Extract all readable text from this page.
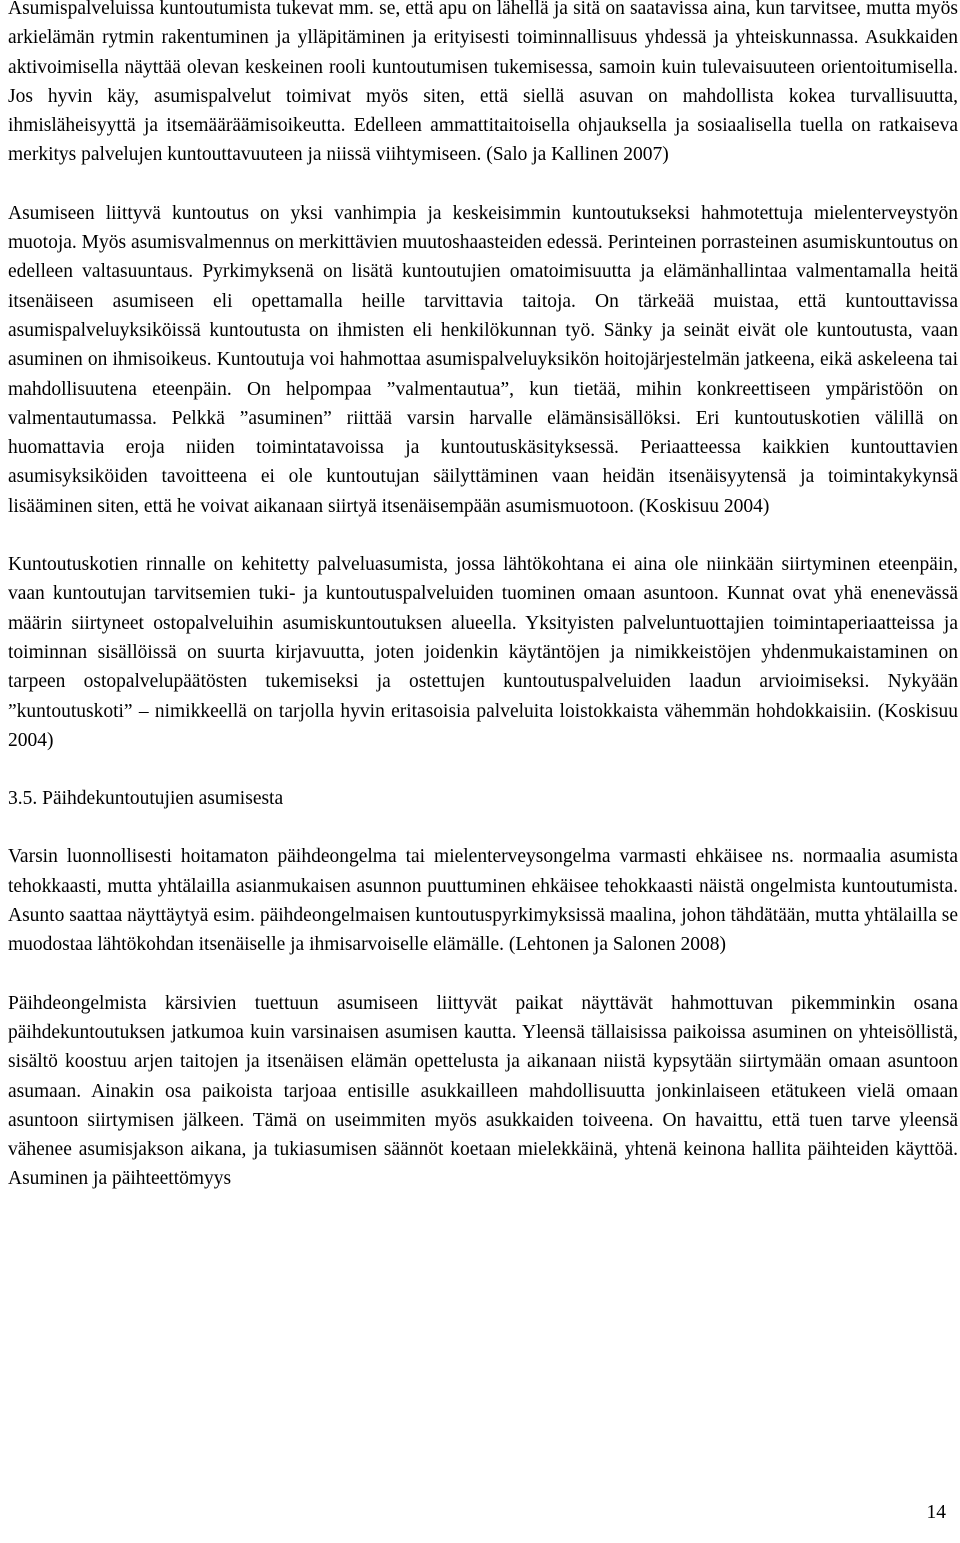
Asumispalveluissa kuntoutumista tukevat mm. se, että apu on lähellä ja sitä on saatavissa aina, kun tarvitsee, mutta myös arkielämän rytmin rakentuminen ja ylläpitäminen ja erityisesti toiminnallisuus yhdessä ja yhteiskunnassa. Asukkaiden aktivoimisella näyttää olevan keskeinen rooli kuntoutumisen tukemisessa, samoin kuin tulevaisuuteen orientoitumisella. Jos hyvin käy, asumispalvelut toimivat myös siten, että siellä asuvan on mahdollista kokea turvallisuutta, ihmisläheisyyttä ja itsemääräämisoikeutta. Edelleen ammattitaitoisella ohjauksella ja sosiaalisella tuella on ratkaiseva merkitys palvelujen kuntouttavuuteen ja niissä viihtymiseen. (Salo ja Kallinen 2007)

Asumiseen liittyvä kuntoutus on yksi vanhimpia ja keskeisimmin kuntoutukseksi hahmotettuja mielenterveystyön muotoja. Myös asumisvalmennus on merkittävien muutoshaasteiden edessä. Perinteinen porrasteinen asumiskuntoutus on edelleen valtasuuntaus. Pyrkimyksenä on lisätä kuntoutujien omatoimisuutta ja elämänhallintaa valmentamalla heitä itsenäiseen asumiseen eli opettamalla heille tarvittavia taitoja. On tärkeää muistaa, että kuntouttavissa asumispalveluyksiköissä kuntoutusta on ihmisten eli henkilökunnan työ. Sänky ja seinät eivät ole kuntoutusta, vaan asuminen on ihmisoikeus. Kuntoutuja voi hahmottaa asumispalveluyksikön hoitojärjestelmän jatkeena, eikä askeleena tai mahdollisuutena eteenpäin. On helpompaa ”valmentautua”, kun tietää, mihin konkreettiseen ympäristöön on valmentautumassa. Pelkkä ”asuminen” riittää varsin harvalle elämänsisällöksi. Eri kuntoutuskotien välillä on huomattavia eroja niiden toimintatavoissa ja kuntoutuskäsityksessä. Periaatteessa kaikkien kuntouttavien asumisyksiköiden tavoitteena ei ole kuntoutujan säilyttäminen vaan heidän itsenäisyytensä ja toimintakykynsä lisääminen siten, että he voivat aikanaan siirtyä itsenäisempään asumismuotoon. (Koskisuu 2004)

Kuntoutuskotien rinnalle on kehitetty palveluasumista, jossa lähtökohtana ei aina ole niinkään siirtyminen eteenpäin, vaan kuntoutujan tarvitsemien tuki- ja kuntoutuspalveluiden tuominen omaan asuntoon. Kunnat ovat yhä enenevässä määrin siirtyneet ostopalveluihin asumiskuntoutuksen alueella. Yksityisten palveluntuottajien toimintaperiaatteissa ja toiminnan sisällöissä on suurta kirjavuutta, joten joidenkin käytäntöjen ja nimikkeistöjen yhdenmukaistaminen on tarpeen ostopalvelupäätösten tukemiseksi ja ostettujen kuntoutuspalveluiden laadun arvioimiseksi. Nykyään ”kuntoutuskoti” – nimikkeellä on tarjolla hyvin eritasoisia palveluita loistokkaista vähemmän hohdokkaisiin. (Koskisuu 2004)

3.5. Päihdekuntoutujien asumisesta

Varsin luonnollisesti hoitamaton päihdeongelma tai mielenterveysongelma varmasti ehkäisee ns. normaalia asumista tehokkaasti, mutta yhtälailla asianmukaisen asunnon puuttuminen ehkäisee tehokkaasti näistä ongelmista kuntoutumista. Asunto saattaa näyttäytyä esim. päihdeongelmaisen kuntoutuspyrkimyksissä maalina, johon tähdätään, mutta yhtälailla se muodostaa lähtökohdan itsenäiselle ja ihmisarvoiselle elämälle. (Lehtonen ja Salonen 2008)

Päihdeongelmista kärsivien tuettuun asumiseen liittyvät paikat näyttävät hahmottuvan pikemminkin osana päihdekuntoutuksen jatkumoa kuin varsinaisen asumisen kautta. Yleensä tällaisissa paikoissa asuminen on yhteisöllistä, sisältö koostuu arjen taitojen ja itsenäisen elämän opettelusta ja aikanaan niistä kypsytään siirtymään omaan asuntoon asumaan. Ainakin osa paikoista tarjoaa entisille asukkailleen mahdollisuutta jonkinlaiseen etätukeen vielä omaan asuntoon siirtymisen jälkeen. Tämä on useimmiten myös asukkaiden toiveena. On havaittu, että tuen tarve yleensä vähenee asumisjakson aikana, ja tukiasumisen säännöt koetaan mielekkäinä, yhtenä keinona hallita päihteiden käyttöä. Asuminen ja päihteettömyys

14
